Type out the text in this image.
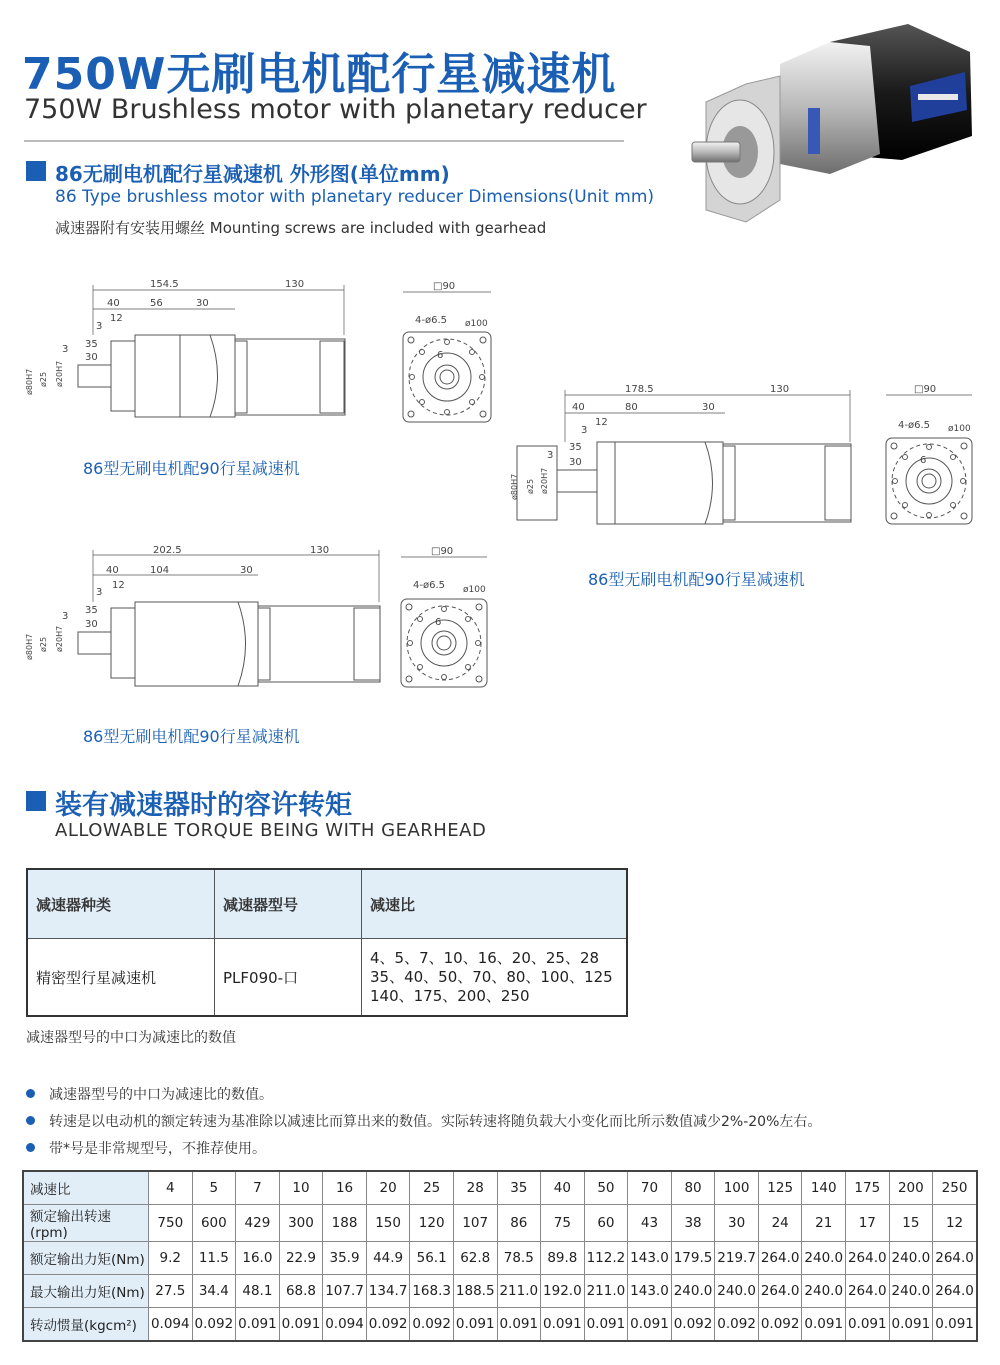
750W无刷电机配行星减速机
750W Brushless motor with planetary reducer
86无刷电机配行星减速机 外形图(单位mm)
86 Type brushless motor with planetary reducer Dimensions(Unit mm)
减速器附有安装用螺丝 Mounting screws are included with gearhead
154.5	130
40	56	30
12
3
35
3
30
ø80H7 ø25 ø20H7
□90
4-ø6.5 ø100
6
86型无刷电机配90行星减速机
178.5	130
40	80	30
12
3
35
3
30
ø80H7 ø25 ø20H7
□90
4-ø6.5 ø100
6
86型无刷电机配90行星减速机
202.5	130
40	104	30
12
3
35
3
30
ø80H7 ø25 ø20H7
□90
4-ø6.5 ø100
6
86型无刷电机配90行星减速机
装有减速器时的容许转矩
ALLOWABLE TORQUE BEING WITH GEARHEAD
减速器种类	减速器型号	减速比
精密型行星减速机	PLF090-口	4、5、7、10、16、20、25、28
35、40、50、70、80、100、125
140、175、200、250
减速器型号的中口为减速比的数值
减速器型号的中口为减速比的数值。
转速是以电动机的额定转速为基准除以减速比而算出来的数值。实际转速将随负载大小变化而比所示数值减少2%-20%左右。
带*号是非常规型号，不推荐使用。
减速比	4	5	7	10	16	20	25	28	35	40	50	70	80	100	125	140	175	200	250
额定输出转速(rpm)	750	600	429	300	188	150	120	107	86	75	60	43	38	30	24	21	17	15	12
额定输出力矩(Nm)	9.2	11.5	16.0	22.9	35.9	44.9	56.1	62.8	78.5	89.8	112.2	143.0	179.5	219.7	264.0	240.0	264.0	240.0	264.0
最大输出力矩(Nm)	27.5	34.4	48.1	68.8	107.7	134.7	168.3	188.5	211.0	192.0	211.0	143.0	240.0	240.0	264.0	240.0	264.0	240.0	264.0
转动惯量(kgcm²)	0.094	0.092	0.091	0.091	0.094	0.092	0.092	0.091	0.091	0.091	0.091	0.091	0.092	0.092	0.092	0.091	0.091	0.091	0.091
